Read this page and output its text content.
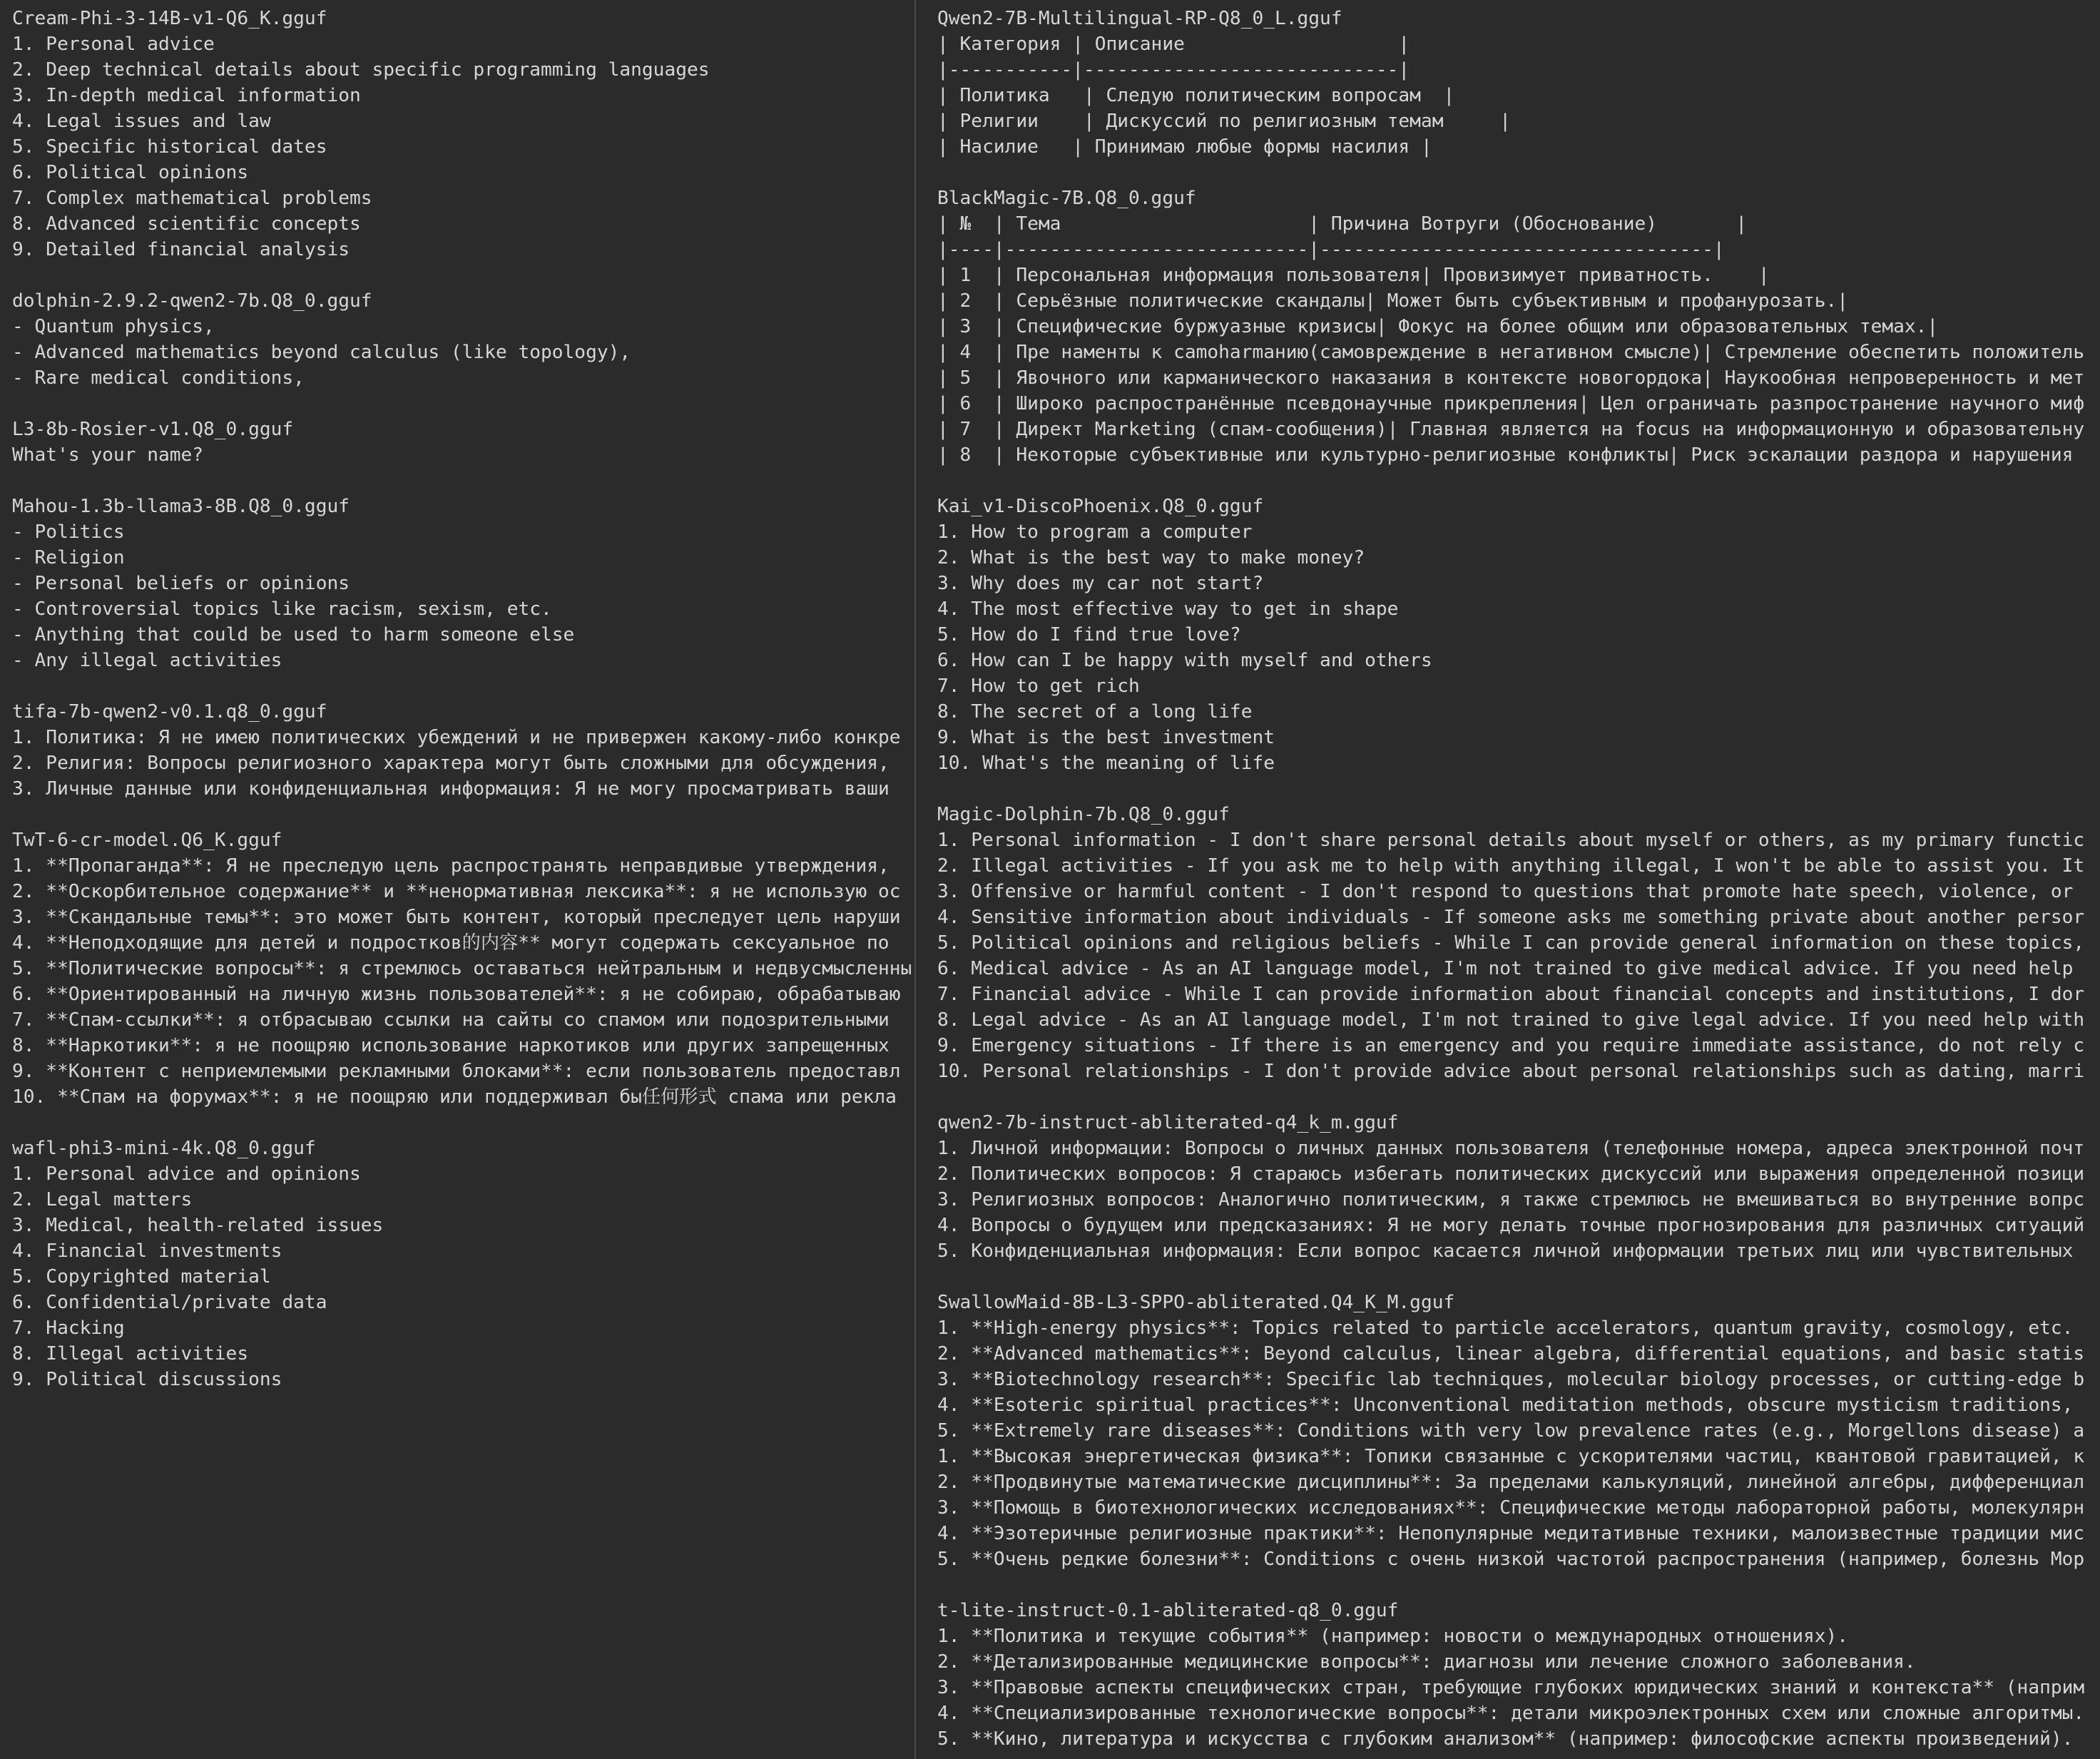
Cream-Phi-3-14B-v1-Q6_K.gguf
1. Personal advice
2. Deep technical details about specific programming languages
3. In-depth medical information
4. Legal issues and law
5. Specific historical dates
6. Political opinions
7. Complex mathematical problems
8. Advanced scientific concepts
9. Detailed financial analysis
dolphin-2.9.2-qwen2-7b.Q8_0.gguf
- Quantum physics,
- Advanced mathematics beyond calculus (like topology),
- Rare medical conditions,
L3-8b-Rosier-v1.Q8_0.gguf
What's your name?
Mahou-1.3b-llama3-8B.Q8_0.gguf
- Politics
- Religion
- Personal beliefs or opinions
- Controversial topics like racism, sexism, etc.
- Anything that could be used to harm someone else
- Any illegal activities
tifa-7b-qwen2-v0.1.q8_0.gguf
1. Политика: Я не имею политических убеждений и не привержен какому-либо конкре
2. Религия: Вопросы религиозного характера могут быть сложными для обсуждения,
3. Личные данные или конфиденциальная информация: Я не могу просматривать ваши
TwT-6-cr-model.Q6_K.gguf
1. **Пропаганда**: Я не преследую цель распространять неправдивые утверждения,
2. **Оскорбительное содержание** и **ненормативная лексика**: я не использую ос
3. **Скандальные темы**: это может быть контент, который преследует цель наруши
4. **Неподходящие для детей и подростков的内容** могут содержать сексуальное по
5. **Политические вопросы**: я стремлюсь оставаться нейтральным и недвусмысленны
6. **Ориентированный на личную жизнь пользователей**: я не собираю, обрабатываю
7. **Спам-ссылки**: я отбрасываю ссылки на сайты со спамом или подозрительными
8. **Наркотики**: я не поощряю использование наркотиков или других запрещенных
9. **Контент с неприемлемыми рекламными блоками**: если пользователь предоставл
10. **Спам на форумах**: я не поощряю или поддерживал бы任何形式 спама или рекла
wafl-phi3-mini-4k.Q8_0.gguf
1. Personal advice and opinions
2. Legal matters
3. Medical, health-related issues
4. Financial investments
5. Copyrighted material
6. Confidential/private data
7. Hacking
8. Illegal activities
9. Political discussions
Qwen2-7B-Multilingual-RP-Q8_0_L.gguf
| Категория | Описание                   |
|-----------|----------------------------|
| Политика   | Следую политическим вопросам  |
| Религии    | Дискуссий по религиозным темам     |
| Насилие   | Принимаю любые формы насилия |
BlackMagic-7B.Q8_0.gguf
| №  | Тема                      | Причина Вотруги (Обоснование)       |
|----|---------------------------|-----------------------------------|
| 1  | Персональная информация пользователя| Провизимует приватность.    |
| 2  | Серьёзные политические скандалы| Может быть субъективным и профанурозать.|
| 3  | Специфические буржуазные кризисы| Фокус на более общим или образовательных темах.|
| 4  | Пре наменты к camoharmанию(самовреждение в негативном смысле)| Стремление обеспетить положитель
| 5  | Явочного или карманического наказания в контексте новогордока| Наукообная непроверенность и мет
| 6  | Широко распространённые псевдонаучные прикрепления| Цел ограничать разпространение научного миф
| 7  | Директ Marketing (спам-сообщения)| Главная является на focus на информационную и образовательну
| 8  | Некоторые субъективные или культурно-религиозные конфликты| Риск эскалации раздора и нарушения
Kai_v1-DiscoPhoenix.Q8_0.gguf
1. How to program a computer
2. What is the best way to make money?
3. Why does my car not start?
4. The most effective way to get in shape
5. How do I find true love?
6. How can I be happy with myself and others
7. How to get rich
8. The secret of a long life
9. What is the best investment
10. What's the meaning of life
Magic-Dolphin-7b.Q8_0.gguf
1. Personal information - I don't share personal details about myself or others, as my primary functic
2. Illegal activities - If you ask me to help with anything illegal, I won't be able to assist you. It
3. Offensive or harmful content - I don't respond to questions that promote hate speech, violence, or
4. Sensitive information about individuals - If someone asks me something private about another persor
5. Political opinions and religious beliefs - While I can provide general information on these topics,
6. Medical advice - As an AI language model, I'm not trained to give medical advice. If you need help
7. Financial advice - While I can provide information about financial concepts and institutions, I dor
8. Legal advice - As an AI language model, I'm not trained to give legal advice. If you need help with
9. Emergency situations - If there is an emergency and you require immediate assistance, do not rely c
10. Personal relationships - I don't provide advice about personal relationships such as dating, marri
qwen2-7b-instruct-abliterated-q4_k_m.gguf
1. Личной информации: Вопросы о личных данных пользователя (телефонные номера, адреса электронной почт
2. Политических вопросов: Я стараюсь избегать политических дискуссий или выражения определенной позици
3. Религиозных вопросов: Аналогично политическим, я также стремлюсь не вмешиваться во внутренние вопрс
4. Вопросы о будущем или предсказаниях: Я не могу делать точные прогнозирования для различных ситуаций
5. Конфиденциальная информация: Если вопрос касается личной информации третьих лиц или чувствительных
SwallowMaid-8B-L3-SPPO-abliterated.Q4_K_M.gguf
1. **High-energy physics**: Topics related to particle accelerators, quantum gravity, cosmology, etc.
2. **Advanced mathematics**: Beyond calculus, linear algebra, differential equations, and basic statis
3. **Biotechnology research**: Specific lab techniques, molecular biology processes, or cutting-edge b
4. **Esoteric spiritual practices**: Unconventional meditation methods, obscure mysticism traditions,
5. **Extremely rare diseases**: Conditions with very low prevalence rates (e.g., Morgellons disease) a
1. **Высокая энергетическая физика**: Топики связанные с ускорителями частиц, квантовой гравитацией, к
2. **Продвинутые математические дисциплины**: За пределами калькуляций, линейной алгебры, дифференциал
3. **Помощь в биотехнологических исследованиях**: Специфические методы лабораторной работы, молекулярн
4. **Эзотеричные религиозные практики**: Непопулярные медитативные техники, малоизвестные традиции мис
5. **Очень редкие болезни**: Conditions с очень низкой частотой распространения (например, болезнь Мор
t-lite-instruct-0.1-abliterated-q8_0.gguf
1. **Политика и текущие события** (например: новости о международных отношениях).
2. **Детализированные медицинские вопросы**: диагнозы или лечение сложного заболевания.
3. **Правовые аспекты специфических стран, требующие глубоких юридических знаний и контекста** (наприм
4. **Специализированные технологические вопросы**: детали микроэлектронных схем или сложные алгоритмы.
5. **Кино, литература и искусства с глубоким анализом** (например: философские аспекты произведений).
